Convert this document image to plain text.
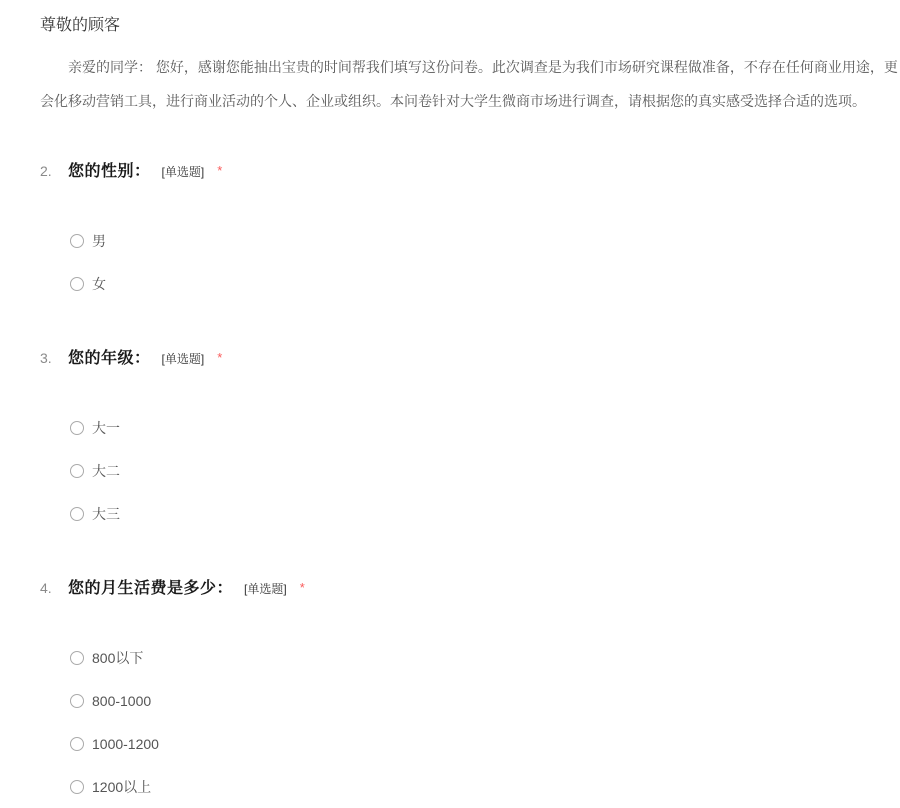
尊敬的顾客

亲爱的同学： 您好，感谢您能抽出宝贵的时间帮我们填写这份问卷。此次调查是为我们市场研究课程做准备，不存在任何商业用途，更
会化移动营销工具，进行商业活动的个人、企业或组织。本问卷针对大学生微商市场进行调查，请根据您的真实感受选择合适的选项。

2.	您的性别： [单选题] *
男
女
3.	您的年级： [单选题] *
大一
大二
大三
4.	您的月生活费是多少： [单选题] *
800以下
800-1000
1000-1200
1200以上
